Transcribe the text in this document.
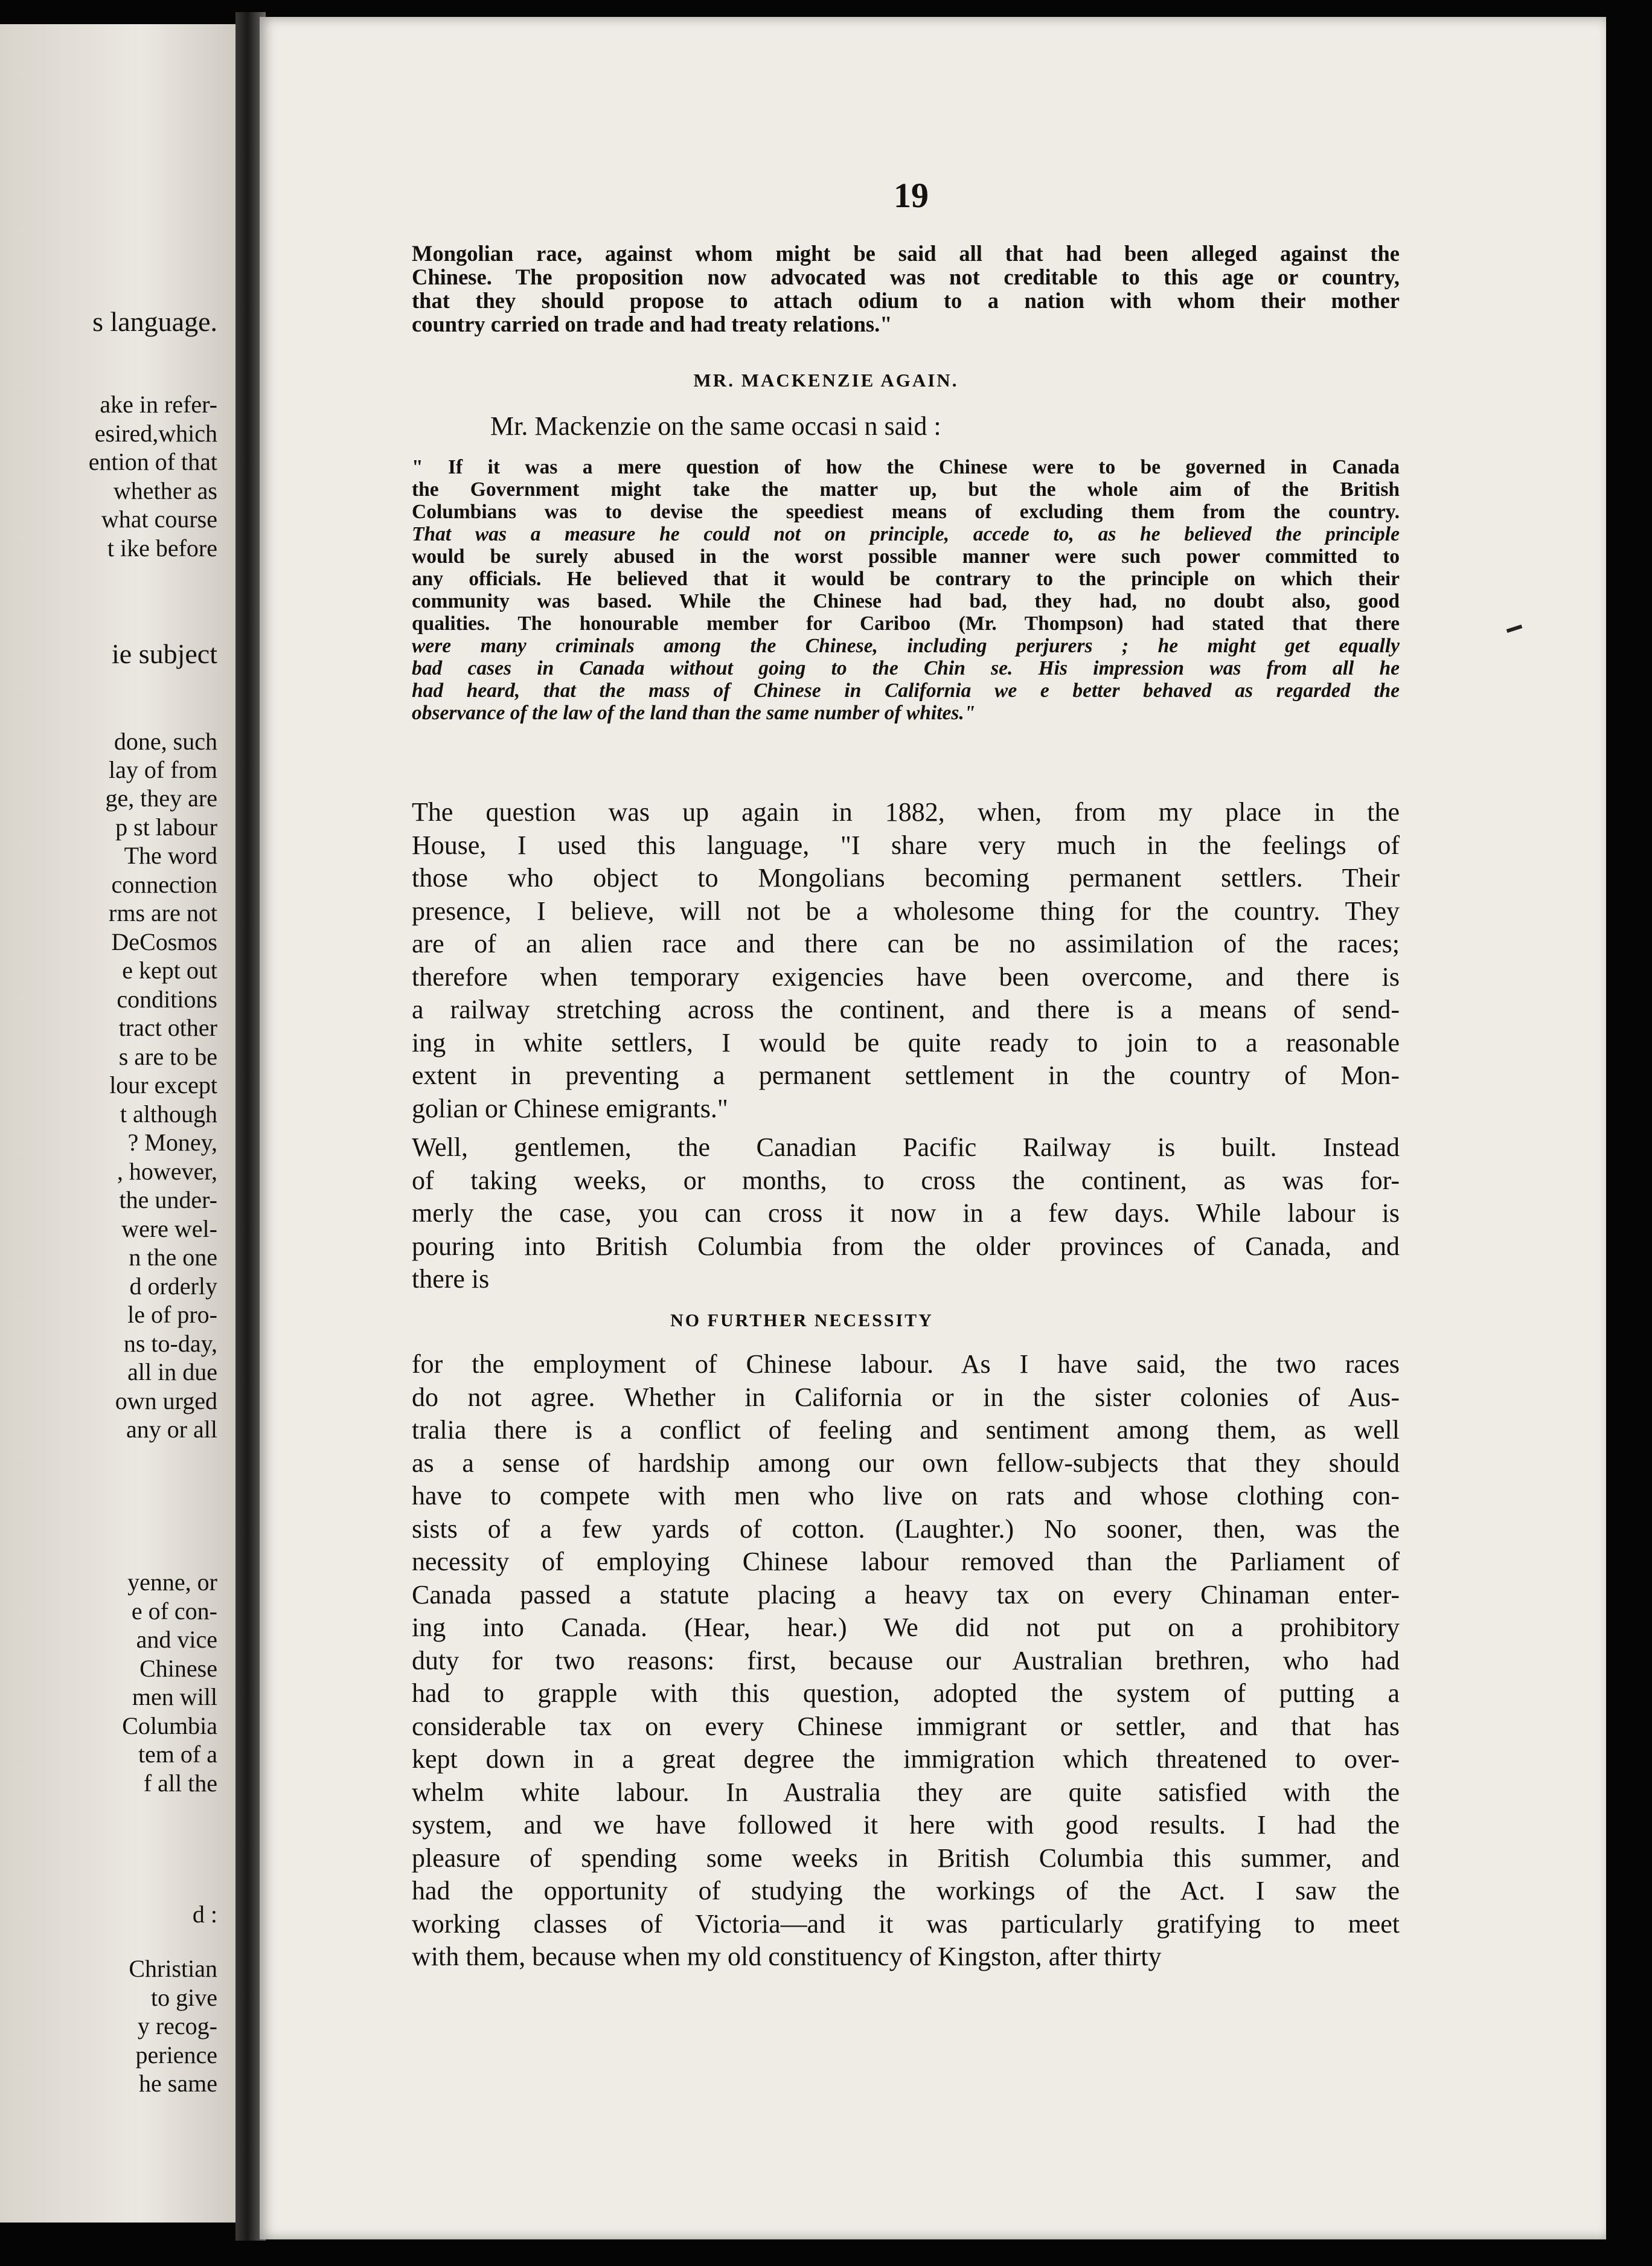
s language.
ake in refer-
esired,which
ention of that
whether as
what course
t ike before
ie subject
done, such
lay of from
ge, they are
p st labour
The word
connection
rms are not
DeCosmos
e kept out
conditions
tract other
s are to be
lour except
t although
? Money,
, however,
the under-
were wel-
n the one
d orderly
le of pro-
ns to-day,
all in due
own urged
any or all
yenne, or
e of con-
and vice
Chinese
men will
Columbia
tem of a
f all the
d :
Christian
to give
y recog-
perience
he same
19
Mongolian race, against whom might be said all that had been alleged against the
Chinese. The proposition now advocated was not creditable to this age or country,
that they should propose to attach odium to a nation with whom their mother
country carried on trade and had treaty relations."
MR. MACKENZIE AGAIN.
Mr. Mackenzie on the same occasi n said :
" If it was a mere question of how the Chinese were to be governed in Canada
the Government might take the matter up, but the whole aim of the British
Columbians was to devise the speediest means of excluding them from the country.
That was a measure he could not on principle, accede to, as he believed the principle
would be surely abused in the worst possible manner were such power committed to
any officials. He believed that it would be contrary to the principle on which their
community was based. While the Chinese had bad, they had, no doubt also, good
qualities. The honourable member for Cariboo (Mr. Thompson) had stated that there
were many criminals among the Chinese, including perjurers ; he might get equally
bad cases in Canada without going to the Chin se. His impression was from all he
had heard, that the mass of Chinese in California we e better behaved as regarded the
observance of the law of the land than the same number of whites."
The question was up again in 1882, when, from my place in the
House, I used this language, "I share very much in the feelings of
those who object to Mongolians becoming permanent settlers. Their
presence, I believe, will not be a wholesome thing for the country. They
are of an alien race and there can be no assimilation of the races;
therefore when temporary exigencies have been overcome, and there is
a railway stretching across the continent, and there is a means of send-
ing in white settlers, I would be quite ready to join to a reasonable
extent in preventing a permanent settlement in the country of Mon-
golian or Chinese emigrants."
Well, gentlemen, the Canadian Pacific Railway is built. Instead
of taking weeks, or months, to cross the continent, as was for-
merly the case, you can cross it now in a few days. While labour is
pouring into British Columbia from the older provinces of Canada, and
there is
NO FURTHER NECESSITY
for the employment of Chinese labour. As I have said, the two races
do not agree. Whether in California or in the sister colonies of Aus-
tralia there is a conflict of feeling and sentiment among them, as well
as a sense of hardship among our own fellow-subjects that they should
have to compete with men who live on rats and whose clothing con-
sists of a few yards of cotton. (Laughter.) No sooner, then, was the
necessity of employing Chinese labour removed than the Parliament of
Canada passed a statute placing a heavy tax on every Chinaman enter-
ing into Canada. (Hear, hear.) We did not put on a prohibitory
duty for two reasons: first, because our Australian brethren, who had
had to grapple with this question, adopted the system of putting a
considerable tax on every Chinese immigrant or settler, and that has
kept down in a great degree the immigration which threatened to over-
whelm white labour. In Australia they are quite satisfied with the
system, and we have followed it here with good results. I had the
pleasure of spending some weeks in British Columbia this summer, and
had the opportunity of studying the workings of the Act. I saw the
working classes of Victoria—and it was particularly gratifying to meet
with them, because when my old constituency of Kingston, after thirty
